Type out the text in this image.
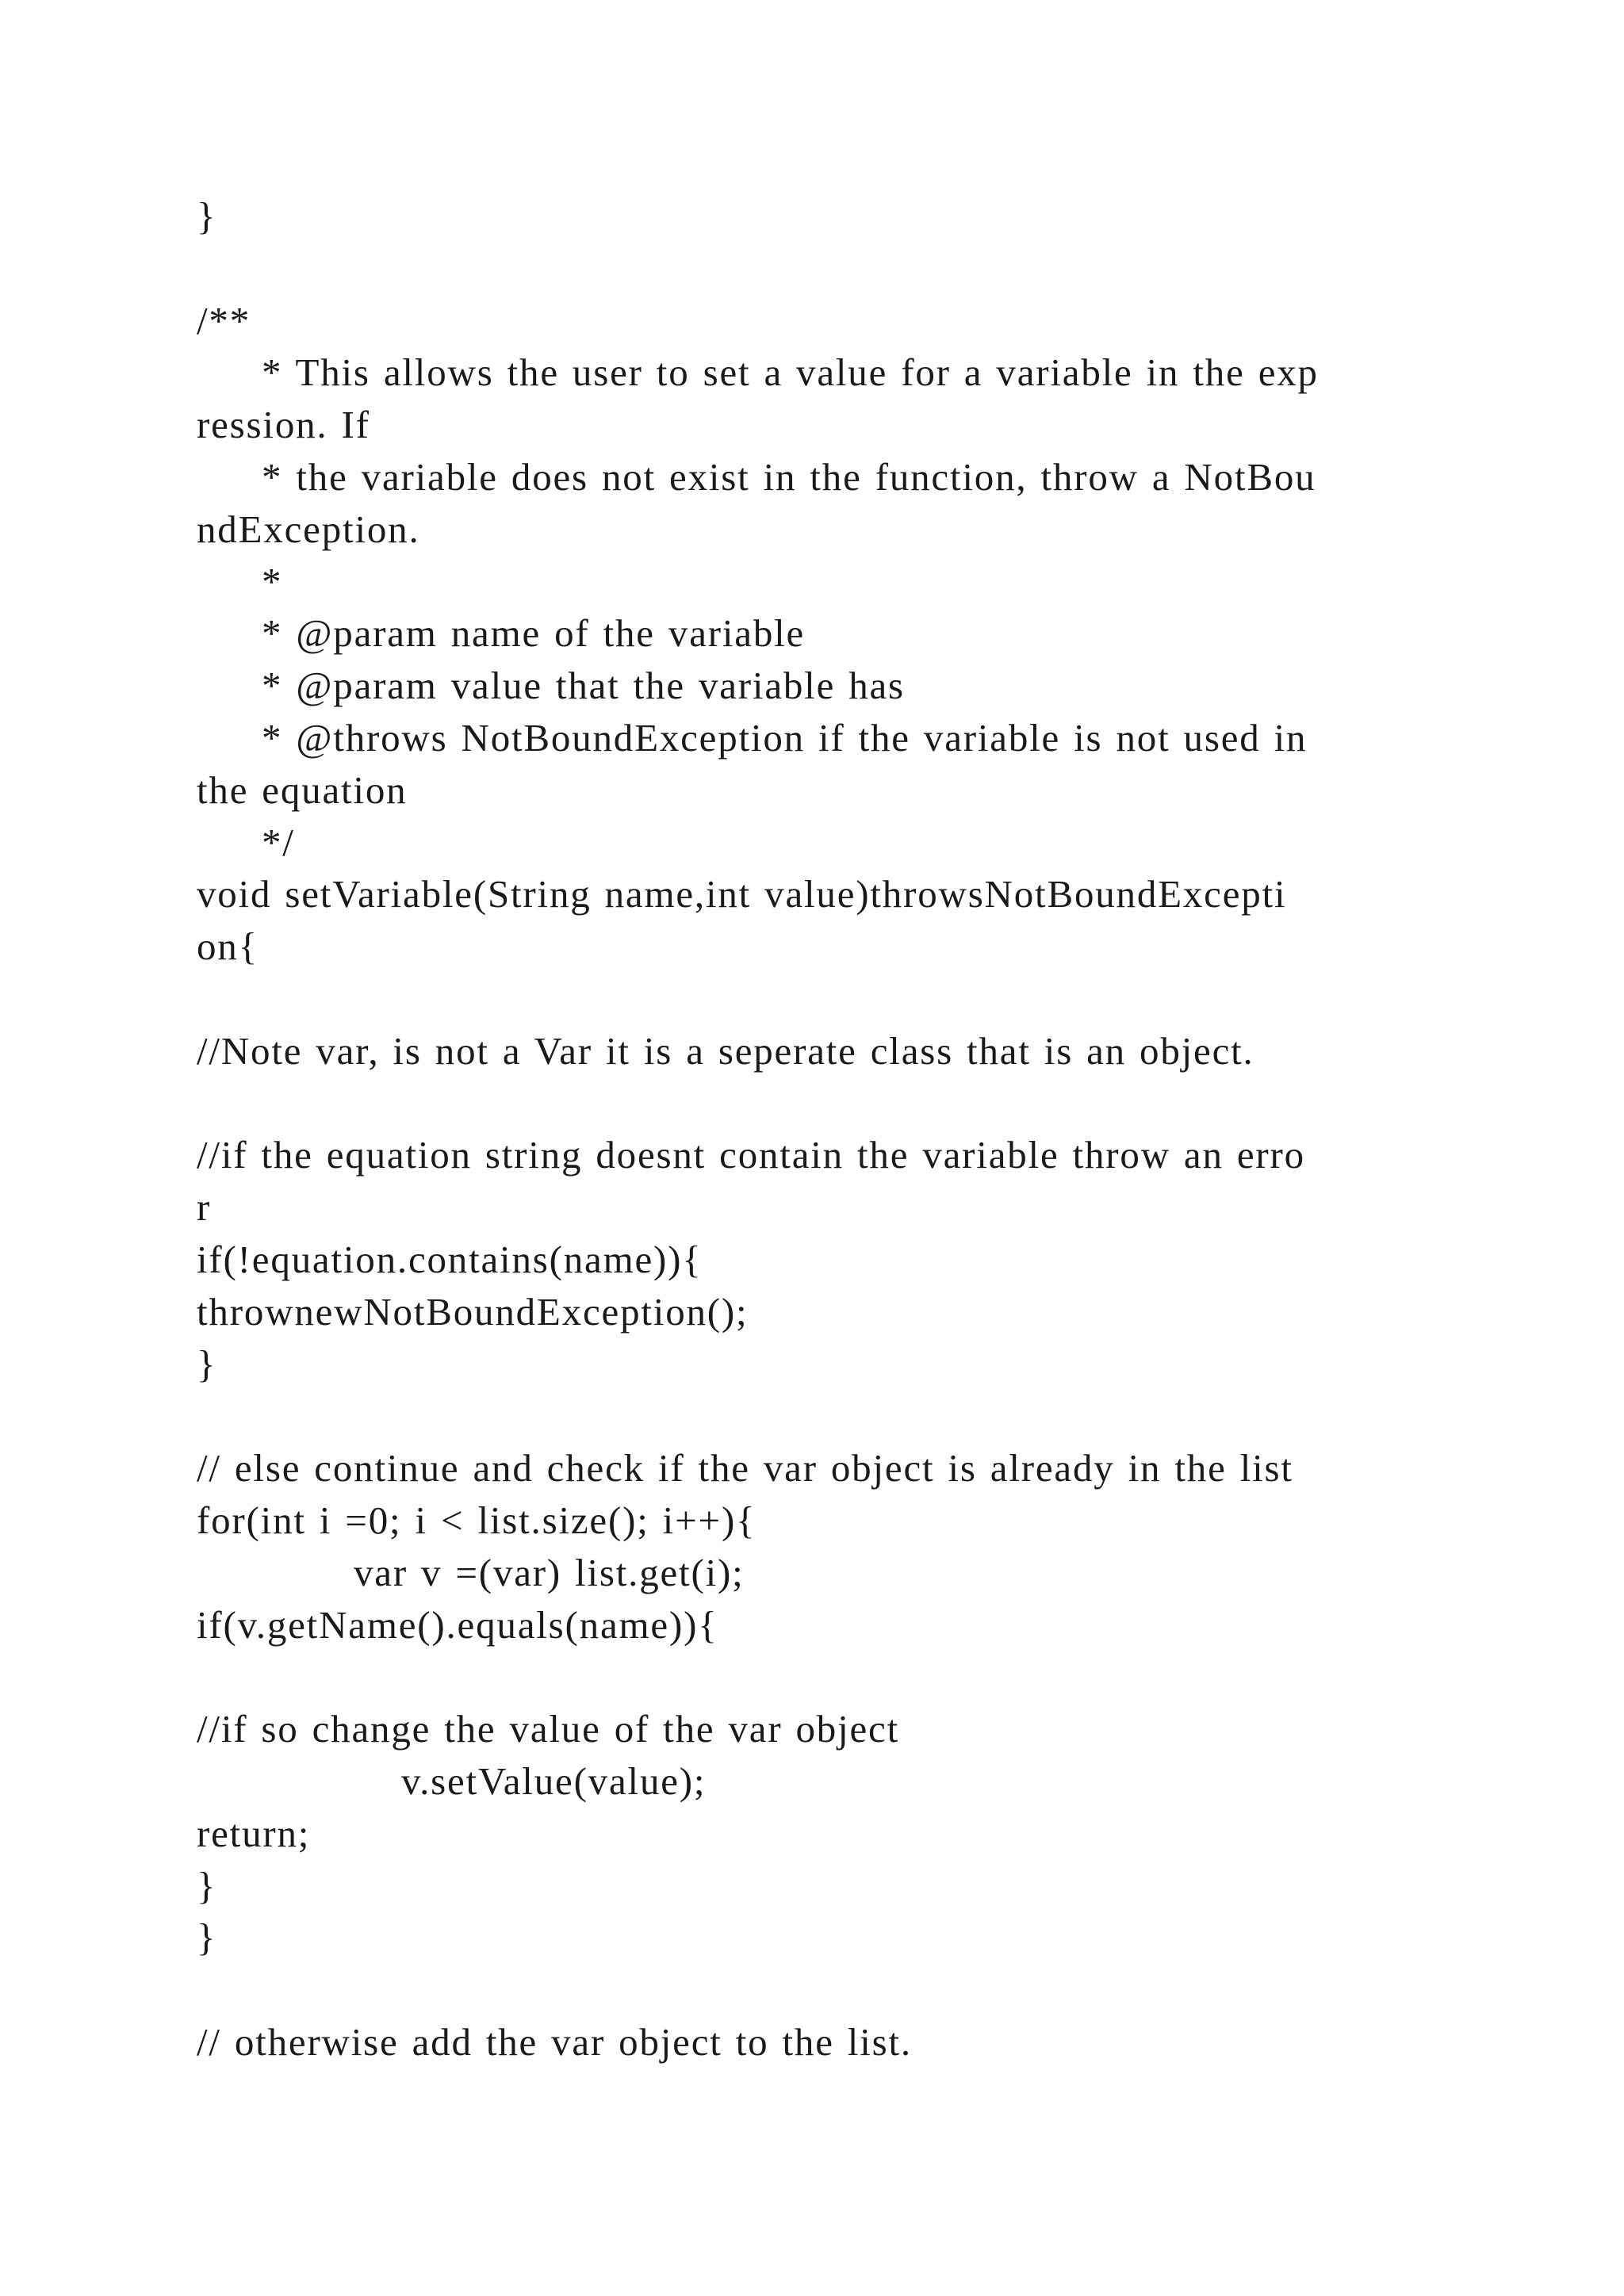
}
/**
* This allows the user to set a value for a variable in the exp
ression. If
* the variable does not exist in the function, throw a NotBou
ndException.
*
* @param name of the variable
* @param value that the variable has
* @throws NotBoundException if the variable is not used in
the equation
*/
void setVariable(String name,int value)throwsNotBoundExcepti
on{
//Note var, is not a Var it is a seperate class that is an object.
//if the equation string doesnt contain the variable throw an erro
r
if(!equation.contains(name)){
thrownewNotBoundException();
}
// else continue and check if the var object is already in the list
for(int i =0; i < list.size(); i++){
var v =(var) list.get(i);
if(v.getName().equals(name)){
//if so change the value of the var object
v.setValue(value);
return;
}
}
// otherwise add the var object to the list.
